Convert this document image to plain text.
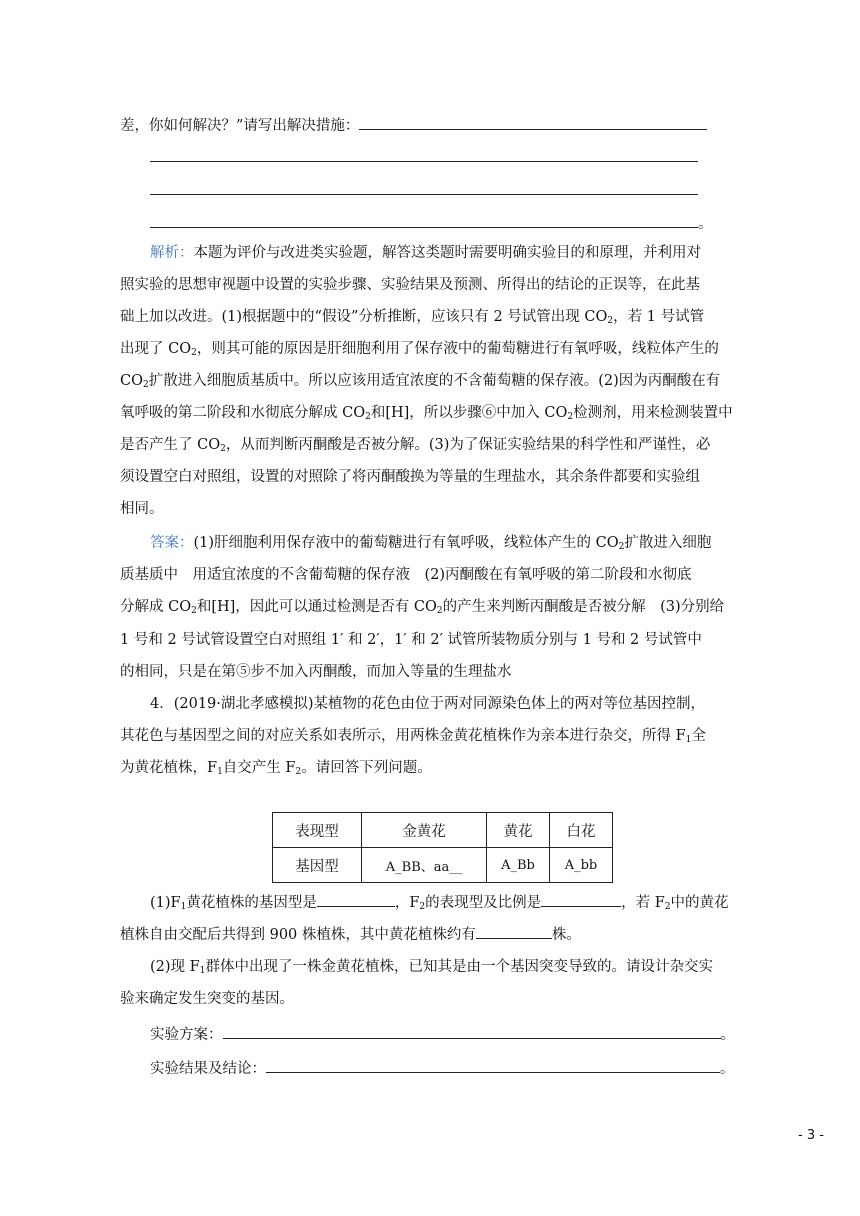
差，你如何解决？”请写出解决措施：
。
解析：本题为评价与改进类实验题，解答这类题时需要明确实验目的和原理，并利用对
照实验的思想审视题中设置的实验步骤、实验结果及预测、所得出的结论的正误等，在此基
础上加以改进。(1)根据题中的“假设”分析推断，应该只有 2 号试管出现 $CO_2$，若 1 号试管
出现了 $CO_2$，则其可能的原因是肝细胞利用了保存液中的葡萄糖进行有氧呼吸，线粒体产生的
$CO_2$扩散进入细胞质基质中。所以应该用适宜浓度的不含葡萄糖的保存液。(2)因为丙酮酸在有
氧呼吸的第二阶段和水彻底分解成 $CO_2$和[H]，所以步骤⑥中加入 $CO_2$检测剂，用来检测装置中
是否产生了 $CO_2$，从而判断丙酮酸是否被分解。(3)为了保证实验结果的科学性和严谨性，必
须设置空白对照组，设置的对照除了将丙酮酸换为等量的生理盐水，其余条件都要和实验组
相同。
答案：(1)肝细胞利用保存液中的葡萄糖进行有氧呼吸，线粒体产生的 $CO_2$扩散进入细胞
质基质中　用适宜浓度的不含葡萄糖的保存液　(2)丙酮酸在有氧呼吸的第二阶段和水彻底
分解成 $CO_2$和[H]，因此可以通过检测是否有 $CO_2$的产生来判断丙酮酸是否被分解　(3)分别给
1 号和 2 号试管设置空白对照组 1′ 和 2′，1′ 和 2′ 试管所装物质分别与 1 号和 2 号试管中
的相同，只是在第⑤步不加入丙酮酸，而加入等量的生理盐水
4．(2019·湖北孝感模拟)某植物的花色由位于两对同源染色体上的两对等位基因控制，
其花色与基因型之间的对应关系如表所示，用两株金黄花植株作为亲本进行杂交，所得 $F_1$全
为黄花植株，$F_1$自交产生 $F_2$。请回答下列问题。
表现型	金黄花	黄花	白花
基因型	A_BB、aa__	A_Bb	A_bb
$(1)F_1$黄花植株的基因型是	，$F_2$的表现型及比例是	，若 $F_2$中的黄花
植株自由交配后共得到 900 株植株，其中黄花植株约有	株。
(2)现 $F_1$群体中出现了一株金黄花植株，已知其是由一个基因突变导致的。请设计杂交实
验来确定发生突变的基因。
实验方案：	。
实验结果及结论：	。
- 3 -
